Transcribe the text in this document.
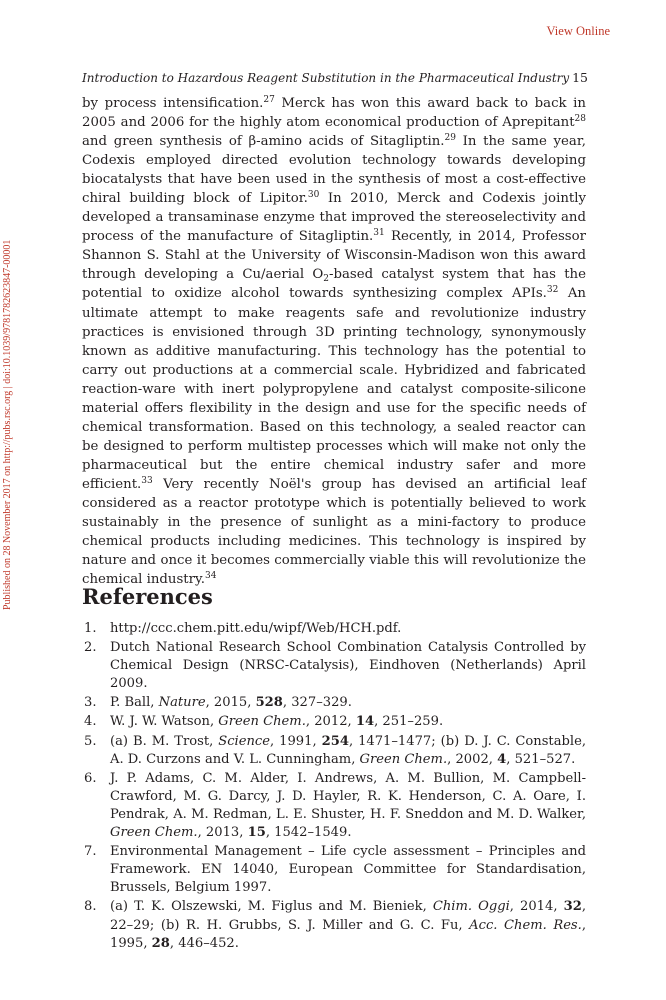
View Online
Published on 28 November 2017 on http://pubs.rsc.org | doi:10.1039/9781782623847-00001
Introduction to Hazardous Reagent Substitution in the Pharmaceutical Industry 15

by process intensification.$^{27}$ Merck has won this award back to back in 2005 and 2006 for the highly atom economical production of Aprepitant$^{28}$ and green synthesis of β-amino acids of Sitagliptin.$^{29}$ In the same year, Codexis employed directed evolution technology towards developing biocatalysts that have been used in the synthesis of most a cost-effective chiral building block of Lipitor.$^{30}$ In 2010, Merck and Codexis jointly developed a transaminase enzyme that improved the stereoselectivity and process of the manufacture of Sitagliptin.$^{31}$ Recently, in 2014, Professor Shannon S. Stahl at the University of Wisconsin-Madison won this award through developing a Cu/aerial $O_2$-based catalyst system that has the potential to oxidize alcohol towards synthesizing complex APIs.$^{32}$ An ultimate attempt to make reagents safe and revolutionize industry practices is envisioned through 3D printing technology, synonymously known as additive manufacturing. This technology has the potential to carry out productions at a commercial scale. Hybridized and fabricated reaction-ware with inert polypropylene and catalyst composite-silicone material offers flexibility in the design and use for the specific needs of chemical transformation. Based on this technology, a sealed reactor can be designed to perform multistep processes which will make not only the pharmaceutical but the entire chemical industry safer and more efficient.$^{33}$ Very recently Noël's group has devised an artificial leaf considered as a reactor prototype which is potentially believed to work sustainably in the presence of sunlight as a mini-factory to produce chemical products including medicines. This technology is inspired by nature and once it becomes commercially viable this will revolutionize the chemical industry.$^{34}$

References
1. http://ccc.chem.pitt.edu/wipf/Web/HCH.pdf.
2. Dutch National Research School Combination Catalysis Controlled by Chemical Design (NRSC-Catalysis), Eindhoven (Netherlands) April 2009.
3. P. Ball, Nature, 2015, 528, 327–329.
4. W. J. W. Watson, Green Chem., 2012, 14, 251–259.
5. (a) B. M. Trost, Science, 1991, 254, 1471–1477; (b) D. J. C. Constable, A. D. Curzons and V. L. Cunningham, Green Chem., 2002, 4, 521–527.
6. J. P. Adams, C. M. Alder, I. Andrews, A. M. Bullion, M. Campbell-Crawford, M. G. Darcy, J. D. Hayler, R. K. Henderson, C. A. Oare, I. Pendrak, A. M. Redman, L. E. Shuster, H. F. Sneddon and M. D. Walker, Green Chem., 2013, 15, 1542–1549.
7. Environmental Management – Life cycle assessment – Principles and Framework. EN 14040, European Committee for Standardisation, Brussels, Belgium 1997.
8. (a) T. K. Olszewski, M. Figlus and M. Bieniek, Chim. Oggi, 2014, 32, 22–29; (b) R. H. Grubbs, S. J. Miller and G. C. Fu, Acc. Chem. Res., 1995, 28, 446–452.
